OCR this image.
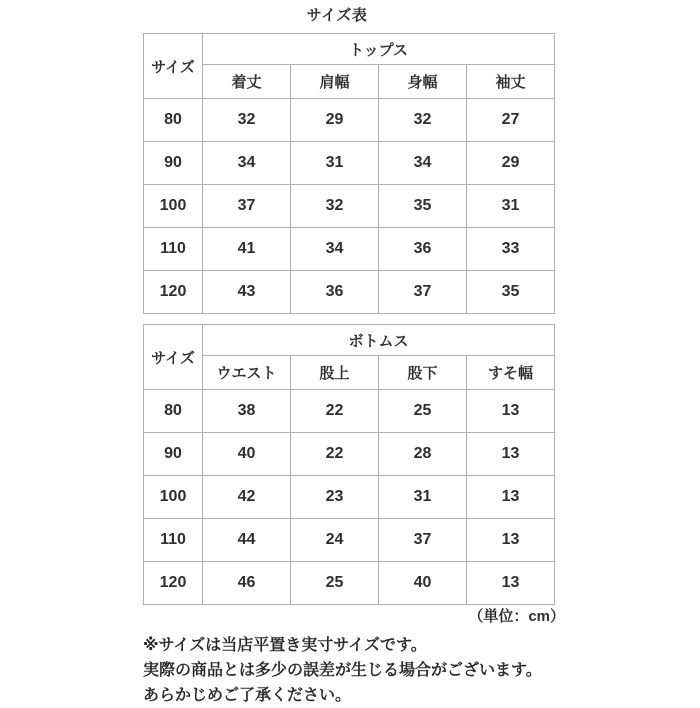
サイズ表
サイズ	トップス			
	着丈	肩幅	身幅	袖丈
80	32	29	32	27
90	34	31	34	29
100	37	32	35	31
110	41	34	36	33
120	43	36	37	35
サイズ	ボトムス			
	ウエスト	股上	股下	すそ幅
80	38	22	25	13
90	40	22	28	13
100	42	23	31	13
110	44	24	37	13
120	46	25	40	13
（単位：cm）
※サイズは当店平置き実寸サイズです。
実際の商品とは多少の誤差が生じる場合がございます。
あらかじめご了承ください。
